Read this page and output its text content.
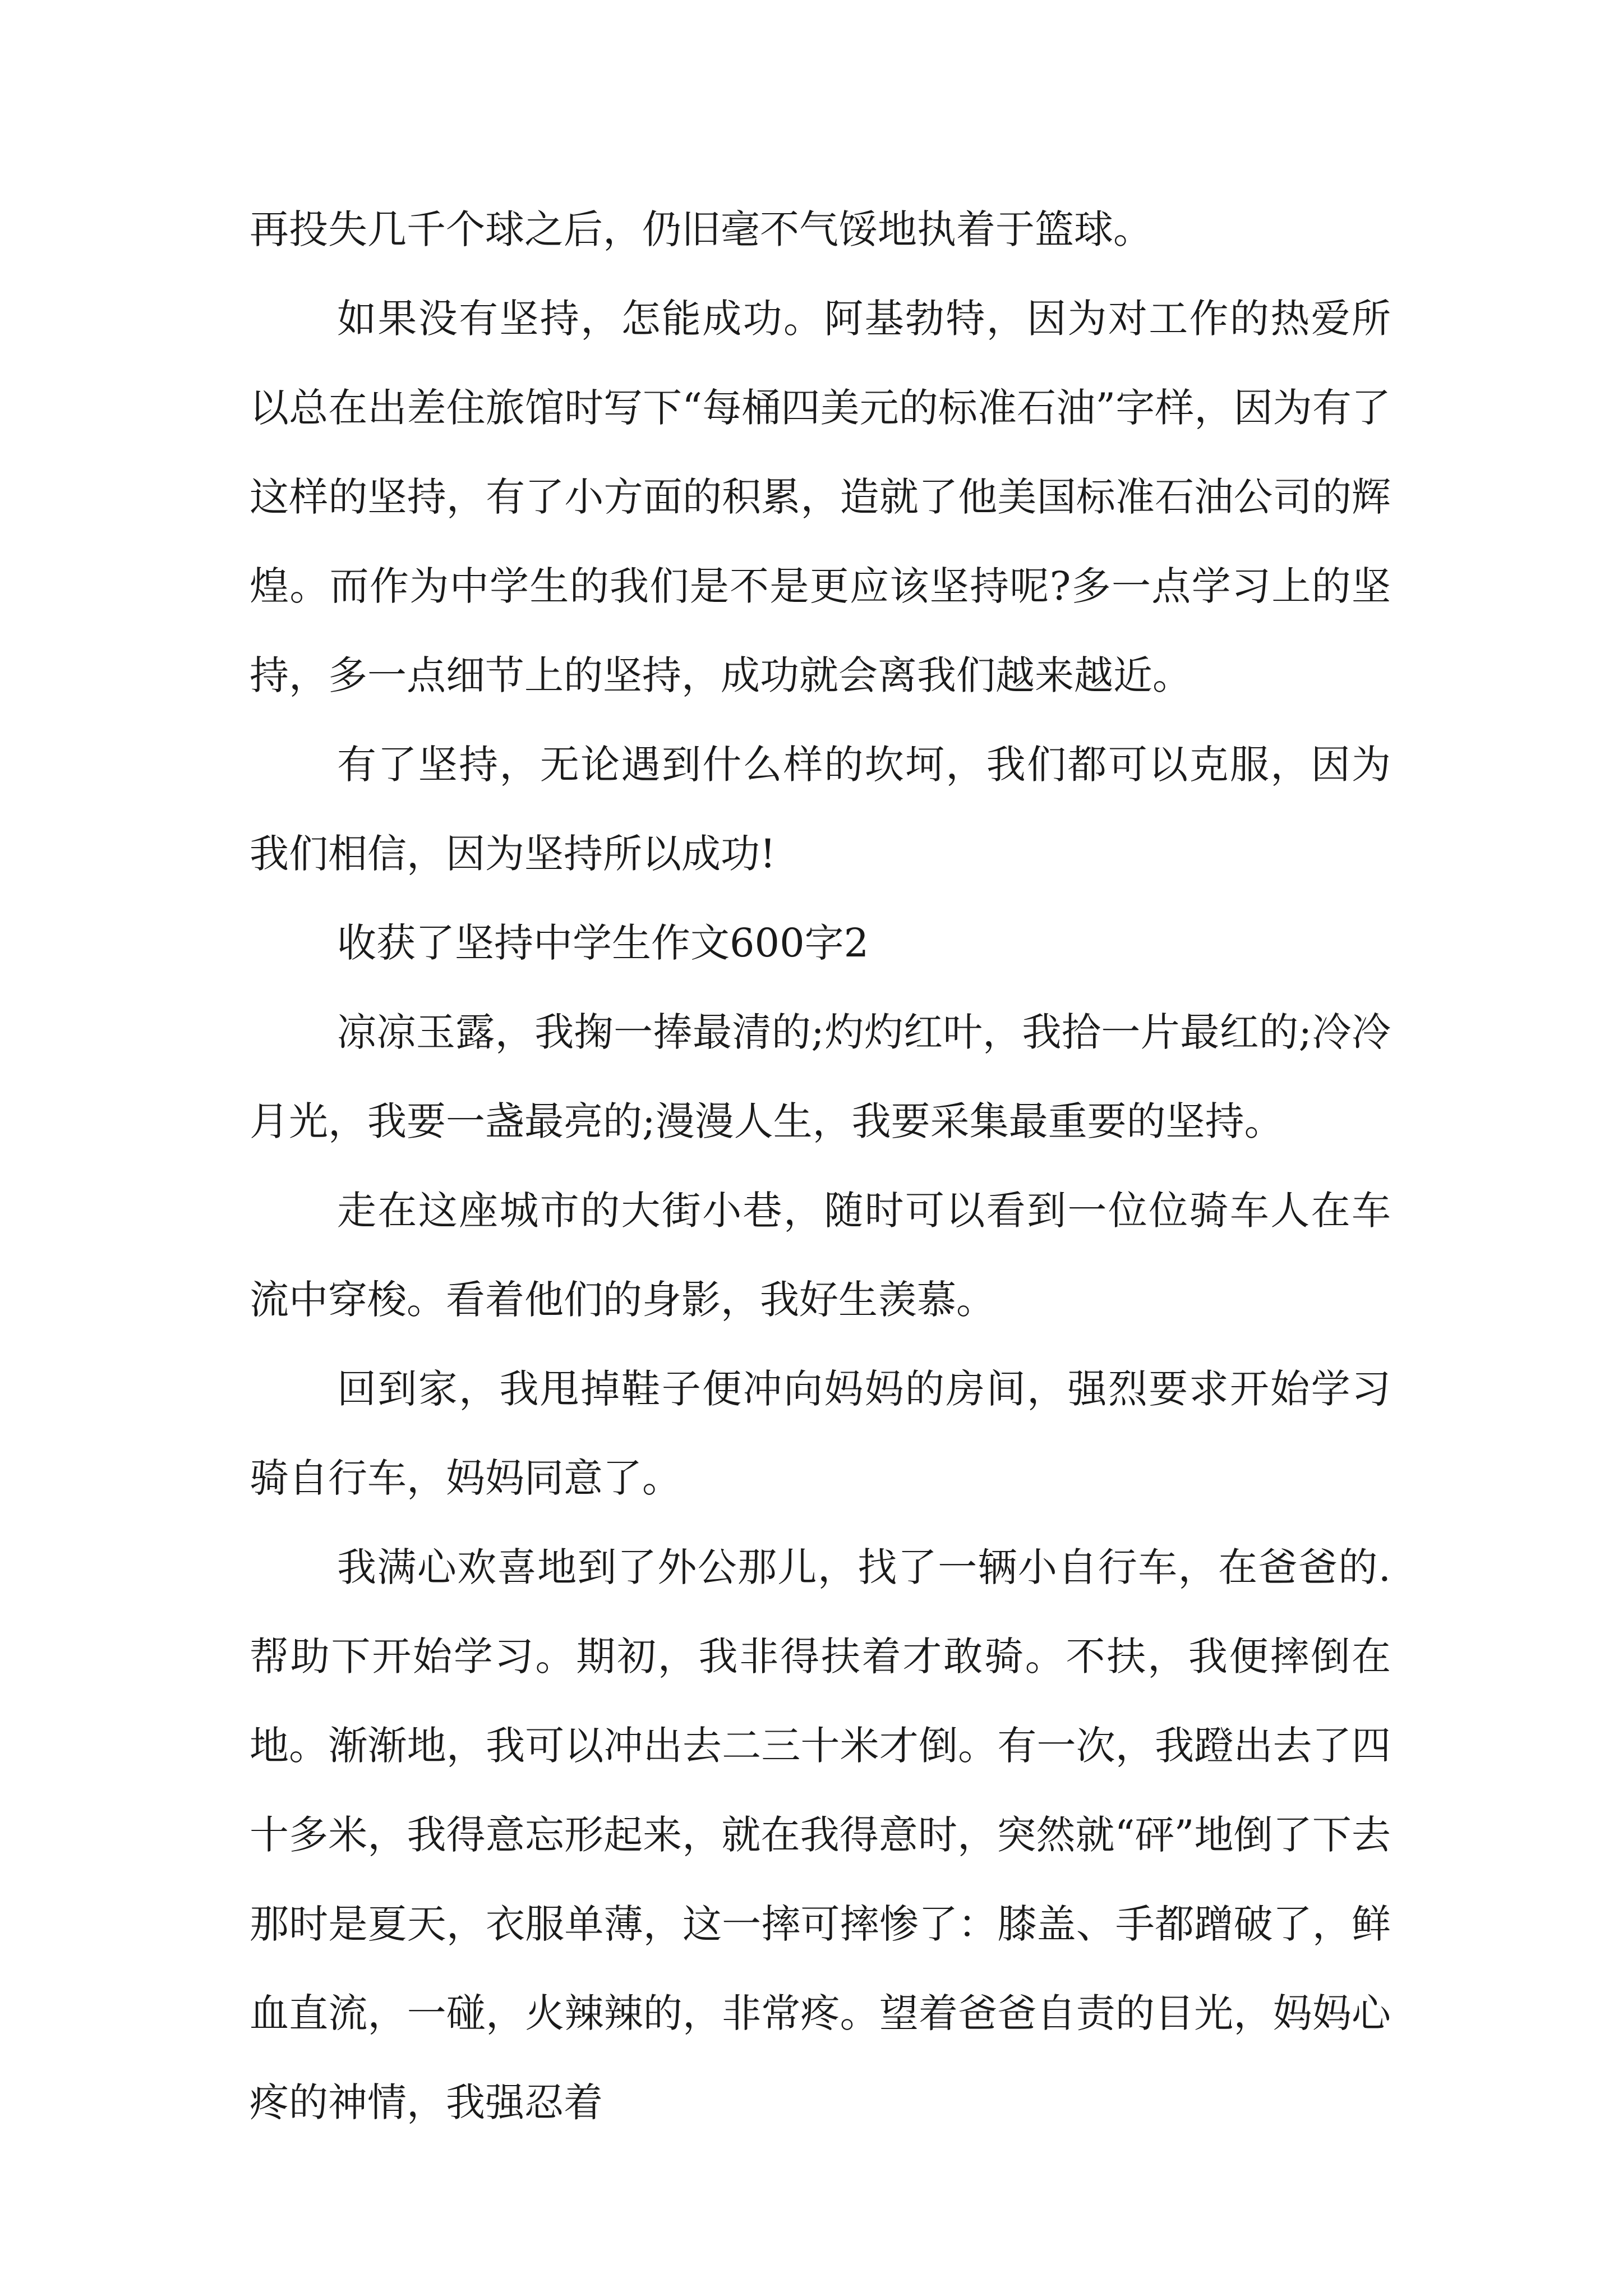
再投失几千个球之后，仍旧毫不气馁地执着于篮球。

如果没有坚持，怎能成功。阿基勃特，因为对工作的热爱所以总在出差住旅馆时写下“每桶四美元的标准石油”字样，因为有了这样的坚持，有了小方面的积累，造就了他美国标准石油公司的辉煌。而作为中学生的我们是不是更应该坚持呢?多一点学习上的坚持，多一点细节上的坚持，成功就会离我们越来越近。

有了坚持，无论遇到什么样的坎坷，我们都可以克服，因为我们相信，因为坚持所以成功!

收获了坚持中学生作文600字2

凉凉玉露，我掬一捧最清的;灼灼红叶，我拾一片最红的;冷冷月光，我要一盏最亮的;漫漫人生，我要采集最重要的坚持。

走在这座城市的大街小巷，随时可以看到一位位骑车人在车流中穿梭。看着他们的身影，我好生羡慕。

回到家，我甩掉鞋子便冲向妈妈的房间，强烈要求开始学习骑自行车，妈妈同意了。

我满心欢喜地到了外公那儿，找了一辆小自行车，在爸爸的.帮助下开始学习。期初，我非得扶着才敢骑。不扶，我便摔倒在地。渐渐地，我可以冲出去二三十米才倒。有一次，我蹬出去了四十多米，我得意忘形起来，就在我得意时，突然就“砰”地倒了下去那时是夏天，衣服单薄，这一摔可摔惨了：膝盖、手都蹭破了，鲜血直流，一碰，火辣辣的，非常疼。望着爸爸自责的目光，妈妈心疼的神情，我强忍着
